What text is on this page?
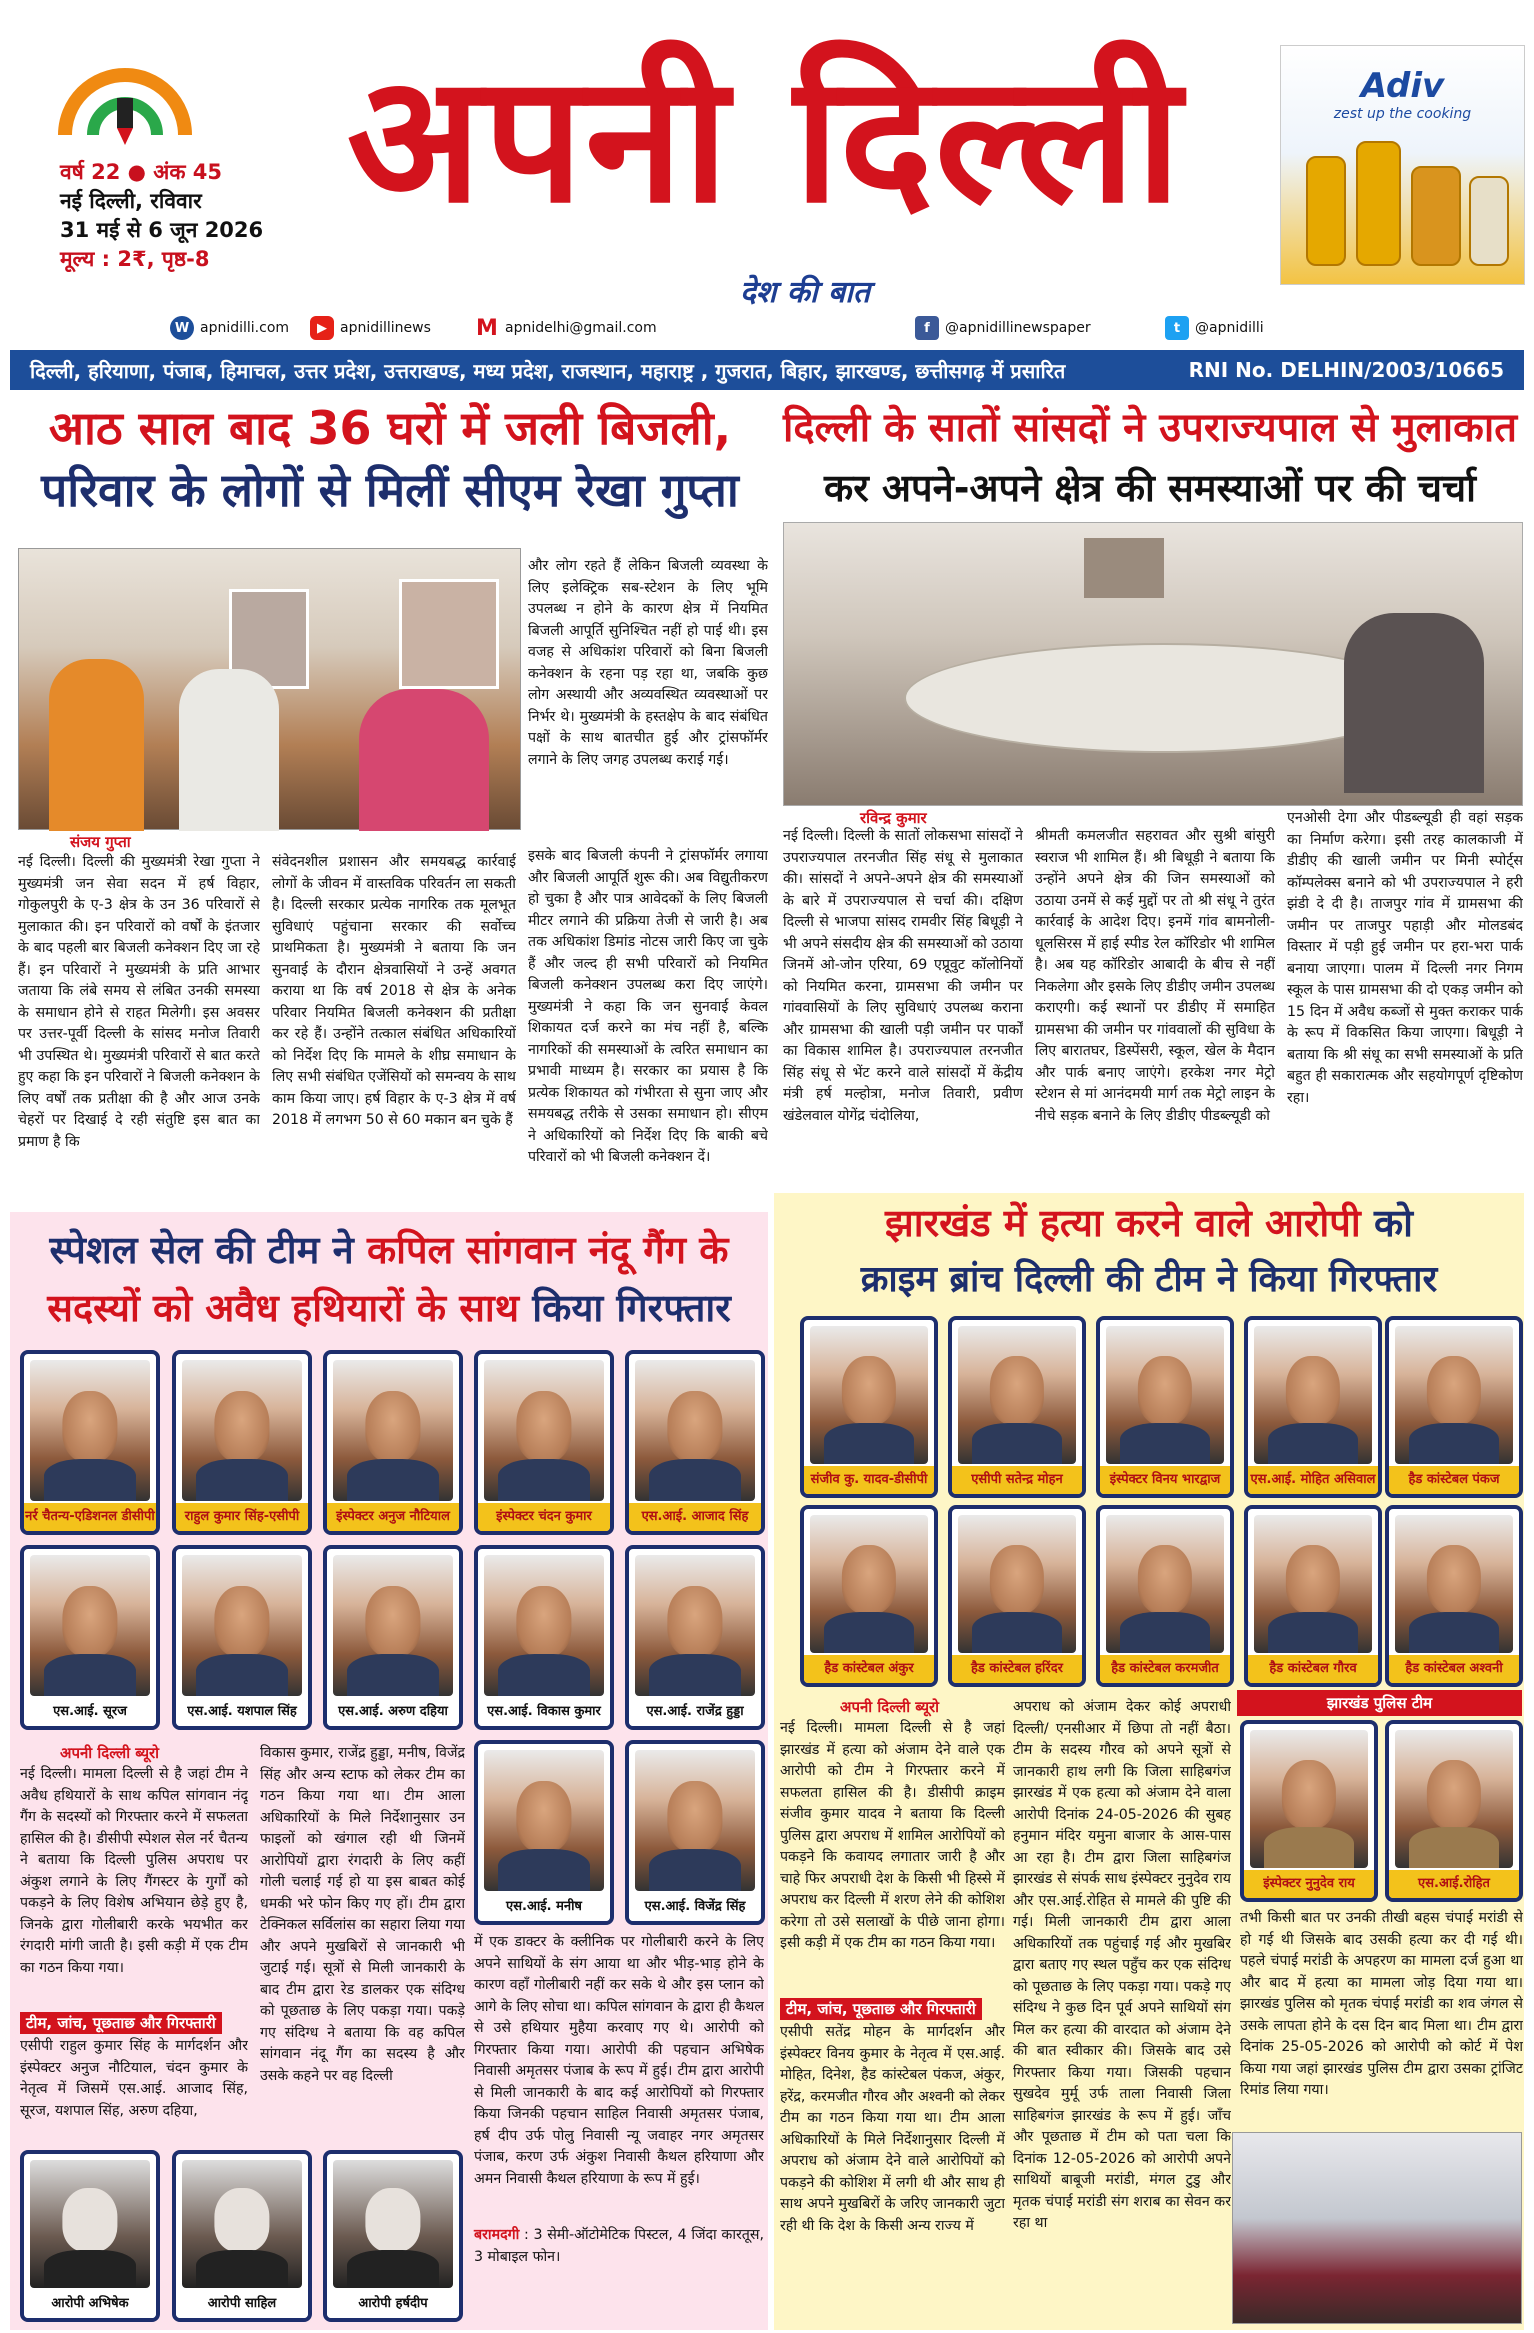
वर्ष 22 ● अंक 45
नई दिल्ली, रविवार
31 मई से 6 जून 2026
मूल्य : 2₹, पृष्ठ-8
अपनी दिल्ली
देश की बात
Adiv
zest up the cooking
W apnidilli.com	▶ apnidillinews M apnidelhi@gmail.com	f	@apnidillinewspaper	t	@apnidilli
दिल्ली, हरियाणा, पंजाब, हिमाचल, उत्तर प्रदेश, उत्तराखण्ड, मध्य प्रदेश, राजस्थान, महाराष्ट्र , गुजरात, बिहार, झारखण्ड, छत्तीसगढ़ में प्रसारित	RNI No. DELHIN/2003/10665
आठ साल बाद 36 घरों में जली बिजली,
परिवार के लोगों से मिलीं सीएम रेखा गुप्ता
संजय गुप्ता
नई दिल्ली। दिल्ली की मुख्यमंत्री रेखा गुप्ता ने मुख्यमंत्री जन सेवा सदन में हर्ष विहार, गोकुलपुरी के ए-3 क्षेत्र के उन 36 परिवारों से मुलाकात की। इन परिवारों को वर्षों के इंतजार के बाद पहली बार बिजली कनेक्शन दिए जा रहे हैं। इन परिवारों ने मुख्यमंत्री के प्रति आभार जताया कि लंबे समय से लंबित उनकी समस्या के समाधान होने से राहत मिलेगी। इस अवसर पर उत्तर-पूर्वी दिल्ली के सांसद मनोज तिवारी भी उपस्थित थे। मुख्यमंत्री परिवारों से बात करते हुए कहा कि इन परिवारों ने बिजली कनेक्शन के लिए वर्षों तक प्रतीक्षा की है और आज उनके चेहरों पर दिखाई दे रही संतुष्टि इस बात का प्रमाण है कि
संवेदनशील प्रशासन और समयबद्ध कार्रवाई लोगों के जीवन में वास्तविक परिवर्तन ला सकती है। दिल्ली सरकार प्रत्येक नागरिक तक मूलभूत सुविधाएं पहुंचाना सरकार की सर्वोच्च प्राथमिकता है। मुख्यमंत्री ने बताया कि जन सुनवाई के दौरान क्षेत्रवासियों ने उन्हें अवगत कराया था कि वर्ष 2018 से क्षेत्र के अनेक परिवार नियमित बिजली कनेक्शन की प्रतीक्षा कर रहे हैं। उन्होंने तत्काल संबंधित अधिकारियों को निर्देश दिए कि मामले के शीघ्र समाधान के लिए सभी संबंधित एजेंसियों को समन्वय के साथ काम किया जाए। हर्ष विहार के ए-3 क्षेत्र में वर्ष 2018 में लगभग 50 से 60 मकान बन चुके हैं
और लोग रहते हैं लेकिन बिजली व्यवस्था के लिए इलेक्ट्रिक सब-स्टेशन के लिए भूमि उपलब्ध न होने के कारण क्षेत्र में नियमित बिजली आपूर्ति सुनिश्चित नहीं हो पाई थी। इस वजह से अधिकांश परिवारों को बिना बिजली कनेक्शन के रहना पड़ रहा था, जबकि कुछ लोग अस्थायी और अव्यवस्थित व्यवस्थाओं पर निर्भर थे। मुख्यमंत्री के हस्तक्षेप के बाद संबंधित पक्षों के साथ बातचीत हुई और ट्रांसफॉर्मर लगाने के लिए जगह उपलब्ध कराई गई।
इसके बाद बिजली कंपनी ने ट्रांसफॉर्मर लगाया और बिजली आपूर्ति शुरू की। अब विद्युतीकरण हो चुका है और पात्र आवेदकों के लिए बिजली मीटर लगाने की प्रक्रिया तेजी से जारी है। अब तक अधिकांश डिमांड नोटस जारी किए जा चुके हैं और जल्द ही सभी परिवारों को नियमित बिजली कनेक्शन उपलब्ध करा दिए जाएंगे। मुख्यमंत्री ने कहा कि जन सुनवाई केवल शिकायत दर्ज करने का मंच नहीं है, बल्कि नागरिकों की समस्याओं के त्वरित समाधान का प्रभावी माध्यम है। सरकार का प्रयास है कि प्रत्येक शिकायत को गंभीरता से सुना जाए और समयबद्ध तरीके से उसका समाधान हो। सीएम ने अधिकारियों को निर्देश दिए कि बाकी बचे परिवारों को भी बिजली कनेक्शन दें।
दिल्ली के सातों सांसदों ने उपराज्यपाल से मुलाकात
कर अपने-अपने क्षेत्र की समस्याओं पर की चर्चा
रविन्द्र कुमार
नई दिल्ली। दिल्ली के सातों लोकसभा सांसदों ने उपराज्यपाल तरनजीत सिंह संधू से मुलाकात की। सांसदों ने अपने-अपने क्षेत्र की समस्याओं के बारे में उपराज्यपाल से चर्चा की। दक्षिण दिल्ली से भाजपा सांसद रामवीर सिंह बिधूड़ी ने भी अपने संसदीय क्षेत्र की समस्याओं को उठाया जिनमें ओ-जोन एरिया, 69 एप्रूवुट कॉलोनियों को नियमित करना, ग्रामसभा की जमीन पर गांववासियों के लिए सुविधाएं उपलब्ध कराना और ग्रामसभा की खाली पड़ी जमीन पर पार्कों का विकास शामिल है। उपराज्यपाल तरनजीत सिंह संधू से भेंट करने वाले सांसदों में केंद्रीय मंत्री हर्ष मल्होत्रा, मनोज तिवारी, प्रवीण खंडेलवाल योगेंद्र चंदोलिया,
श्रीमती कमलजीत सहरावत और सुश्री बांसुरी स्वराज भी शामिल हैं। श्री बिधूड़ी ने बताया कि उन्होंने अपने क्षेत्र की जिन समस्याओं को उठाया उनमें से कई मुद्दों पर तो श्री संधू ने तुरंत कार्रवाई के आदेश दिए। इनमें गांव बामनोली-धूलसिरस में हाई स्पीड रेल कॉरिडोर भी शामिल है। अब यह कॉरिडोर आबादी के बीच से नहीं निकलेगा और इसके लिए डीडीए जमीन उपलब्ध कराएगी। कई स्थानों पर डीडीए में समाहित ग्रामसभा की जमीन पर गांववालों की सुविधा के लिए बारातघर, डिस्पेंसरी, स्कूल, खेल के मैदान और पार्क बनाए जाएंगे। हरकेश नगर मेट्रो स्टेशन से मां आनंदमयी मार्ग तक मेट्रो लाइन के नीचे सड़क बनाने के लिए डीडीए पीडब्ल्यूडी को
एनओसी देगा और पीडब्ल्यूडी ही वहां सड़क का निर्माण करेगा। इसी तरह कालकाजी में डीडीए की खाली जमीन पर मिनी स्पोर्ट्स कॉम्पलेक्स बनाने को भी उपराज्यपाल ने हरी झंडी दे दी है। ताजपुर गांव में ग्रामसभा की जमीन पर ताजपुर पहाड़ी और मोलडबंद विस्तार में पड़ी हुई जमीन पर हरा-भरा पार्क बनाया जाएगा। पालम में दिल्ली नगर निगम स्कूल के पास ग्रामसभा की दो एकड़ जमीन को 15 दिन में अवैध कब्जों से मुक्त कराकर पार्क के रूप में विकसित किया जाएगा। बिधूड़ी ने बताया कि श्री संधू का सभी समस्याओं के प्रति बहुत ही सकारात्मक और सहयोगपूर्ण दृष्टिकोण रहा।
स्पेशल सेल की टीम ने कपिल सांगवान नंदू गैंग के
सदस्यों को अवैध हथियारों के साथ किया गिरफ्तार
नर्र चैतन्य-एडिशनल डीसीपी	राहुल कुमार सिंह-एसीपी	इंस्पेक्टर अनुज नौटियाल	इंस्पेक्टर चंदन कुमार	एस.आई. आजाद सिंह
एस.आई. सूरज	एस.आई. यशपाल सिंह	एस.आई. अरुण दहिया	एस.आई. विकास कुमार	एस.आई. राजेंद्र हुड्डा
एस.आई. मनीष	एस.आई. विजेंद्र सिंह
अपनी दिल्ली ब्यूरो
नई दिल्ली। मामला दिल्ली से है जहां टीम ने अवैध हथियारों के साथ कपिल सांगवान नंदू गैंग के सदस्यों को गिरफ्तार करने में सफलता हासिल की है। डीसीपी स्पेशल सेल नर्र चैतन्य ने बताया कि दिल्ली पुलिस अपराध पर अंकुश लगाने के लिए गैंगस्टर के गुर्गों को पकड़ने के लिए विशेष अभियान छेड़े हुए है, जिनके द्वारा गोलीबारी करके भयभीत कर रंगदारी मांगी जाती है। इसी कड़ी में एक टीम का गठन किया गया।
टीम, जांच, पूछताछ और गिरफ्तारी
एसीपी राहुल कुमार सिंह के मार्गदर्शन और इंस्पेक्टर अनुज नौटियाल, चंदन कुमार के नेतृत्व में जिसमें एस.आई. आजाद सिंह, सूरज, यशपाल सिंह, अरुण दहिया,
विकास कुमार, राजेंद्र हुड्डा, मनीष, विजेंद्र सिंह और अन्य स्टाफ को लेकर टीम का गठन किया गया था। टीम आला अधिकारियों के मिले निर्देशानुसार उन फाइलों को खंगाल रही थी जिनमें आरोपियों द्वारा रंगदारी के लिए कहीं गोली चलाई गई हो या इस बाबत कोई धमकी भरे फोन किए गए हों। टीम द्वारा टेक्निकल सर्विलांस का सहारा लिया गया और अपने मुखबिरों से जानकारी भी जुटाई गई। सूत्रों से मिली जानकारी के बाद टीम द्वारा रेड डालकर एक संदिग्ध को पूछताछ के लिए पकड़ा गया। पकड़े गए संदिग्ध ने बताया कि वह कपिल सांगवान नंदू गैंग का सदस्य है और उसके कहने पर वह दिल्ली
में एक डाक्टर के क्लीनिक पर गोलीबारी करने के लिए अपने साथियों के संग आया था और भीड़-भाड़ होने के कारण वहाँ गोलीबारी नहीं कर सके थे और इस प्लान को आगे के लिए सोचा था। कपिल सांगवान के द्वारा ही कैथल से उसे हथियार मुहैया करवाए गए थे। आरोपी को गिरफ्तार किया गया। आरोपी की पहचान अभिषेक निवासी अमृतसर पंजाब के रूप में हुई। टीम द्वारा आरोपी से मिली जानकारी के बाद कई आरोपियों को गिरफ्तार किया जिनकी पहचान साहिल निवासी अमृतसर पंजाब, हर्ष दीप उर्फ पोलु निवासी न्यू जवाहर नगर अमृतसर पंजाब, करण उर्फ अंकुश निवासी कैथल हरियाणा और अमन निवासी कैथल हरियाणा के रूप में हुई।
बरामदगी : 3 सेमी-ऑटोमेटिक पिस्टल, 4 जिंदा कारतूस, 3 मोबाइल फोन।
आरोपी अभिषेक	आरोपी साहिल	आरोपी हर्षदीप
झारखंड में हत्या करने वाले आरोपी को
क्राइम ब्रांच दिल्ली की टीम ने किया गिरफ्तार
संजीव कु. यादव-डीसीपी	एसीपी सतेन्द्र मोहन	इंस्पेक्टर विनय भारद्वाज	एस.आई. मोहित असिवाल	हैड कांस्टेबल पंकज
हैड कांस्टेबल अंकुर	हैड कांस्टेबल हरिंदर	हैड कांस्टेबल करमजीत	हैड कांस्टेबल गौरव	हैड कांस्टेबल अश्वनी
अपनी दिल्ली ब्यूरो
नई दिल्ली। मामला दिल्ली से है जहां झारखंड में हत्या को अंजाम देने वाले एक आरोपी को टीम ने गिरफ्तार करने में सफलता हासिल की है। डीसीपी क्राइम संजीव कुमार यादव ने बताया कि दिल्ली पुलिस द्वारा अपराध में शामिल आरोपियों को पकड़ने कि कवायद लगातार जारी है और चाहे फिर अपराधी देश के किसी भी हिस्से में अपराध कर दिल्ली में शरण लेने की कोशिश करेगा तो उसे सलाखों के पीछे जाना होगा। इसी कड़ी में एक टीम का गठन किया गया।
टीम, जांच, पूछताछ और गिरफ्तारी
एसीपी सतेंद्र मोहन के मार्गदर्शन और इंस्पेक्टर विनय कुमार के नेतृत्व में एस.आई. मोहित, दिनेश, हैड कांस्टेबल पंकज, अंकुर, हरेंद्र, करमजीत गौरव और अश्वनी को लेकर टीम का गठन किया गया था। टीम आला अधिकारियों के मिले निर्देशानुसार दिल्ली में अपराध को अंजाम देने वाले आरोपियों को पकड़ने की कोशिश में लगी थी और साथ ही साथ अपने मुखबिरों के जरिए जानकारी जुटा रही थी कि देश के किसी अन्य राज्य में
अपराध को अंजाम देकर कोई अपराधी दिल्ली/ एनसीआर में छिपा तो नहीं बैठा। टीम के सदस्य गौरव को अपने सूत्रों से जानकारी हाथ लगी कि जिला साहिबगंज झारखंड में एक हत्या को अंजाम देने वाला आरोपी दिनांक 24-05-2026 की सुबह हनुमान मंदिर यमुना बाजार के आस-पास आ रहा है। टीम द्वारा जिला साहिबगंज झारखंड से संपर्क साध इंस्पेक्टर नुनुदेव राय और एस.आई.रोहित से मामले की पुष्टि की गई। मिली जानकारी टीम द्वारा आला अधिकारियों तक पहुंचाई गई और मुखबिर द्वारा बताए गए स्थल पहुँच कर एक संदिग्ध को पूछताछ के लिए पकड़ा गया। पकड़े गए संदिग्ध ने कुछ दिन पूर्व अपने साथियों संग मिल कर हत्या की वारदात को अंजाम देने की बात स्वीकार की। जिसके बाद उसे गिरफ्तार किया गया। जिसकी पहचान सुखदेव मुर्मू उर्फ ताला निवासी जिला साहिबगंज झारखंड के रूप में हुई। जाँच और पूछताछ में टीम को पता चला कि दिनांक 12-05-2026 को आरोपी अपने साथियों बाबूजी मरांडी, मंगल टुडु और मृतक चंपाई मरांडी संग शराब का सेवन कर रहा था
झारखंड पुलिस टीम
इंस्पेक्टर नुनुदेव राय	एस.आई.रोहित
तभी किसी बात पर उनकी तीखी बहस चंपाई मरांडी से हो गई थी जिसके बाद उसकी हत्या कर दी गई थी। पहले चंपाई मरांडी के अपहरण का मामला दर्ज हुआ था और बाद में हत्या का मामला जोड़ दिया गया था। झारखंड पुलिस को मृतक चंपाई मरांडी का शव जंगल से उसके लापता होने के दस दिन बाद मिला था। टीम द्वारा दिनांक 25-05-2026 को आरोपी को कोर्ट में पेश किया गया जहां झारखंड पुलिस टीम द्वारा उसका ट्रांजिट रिमांड लिया गया।
